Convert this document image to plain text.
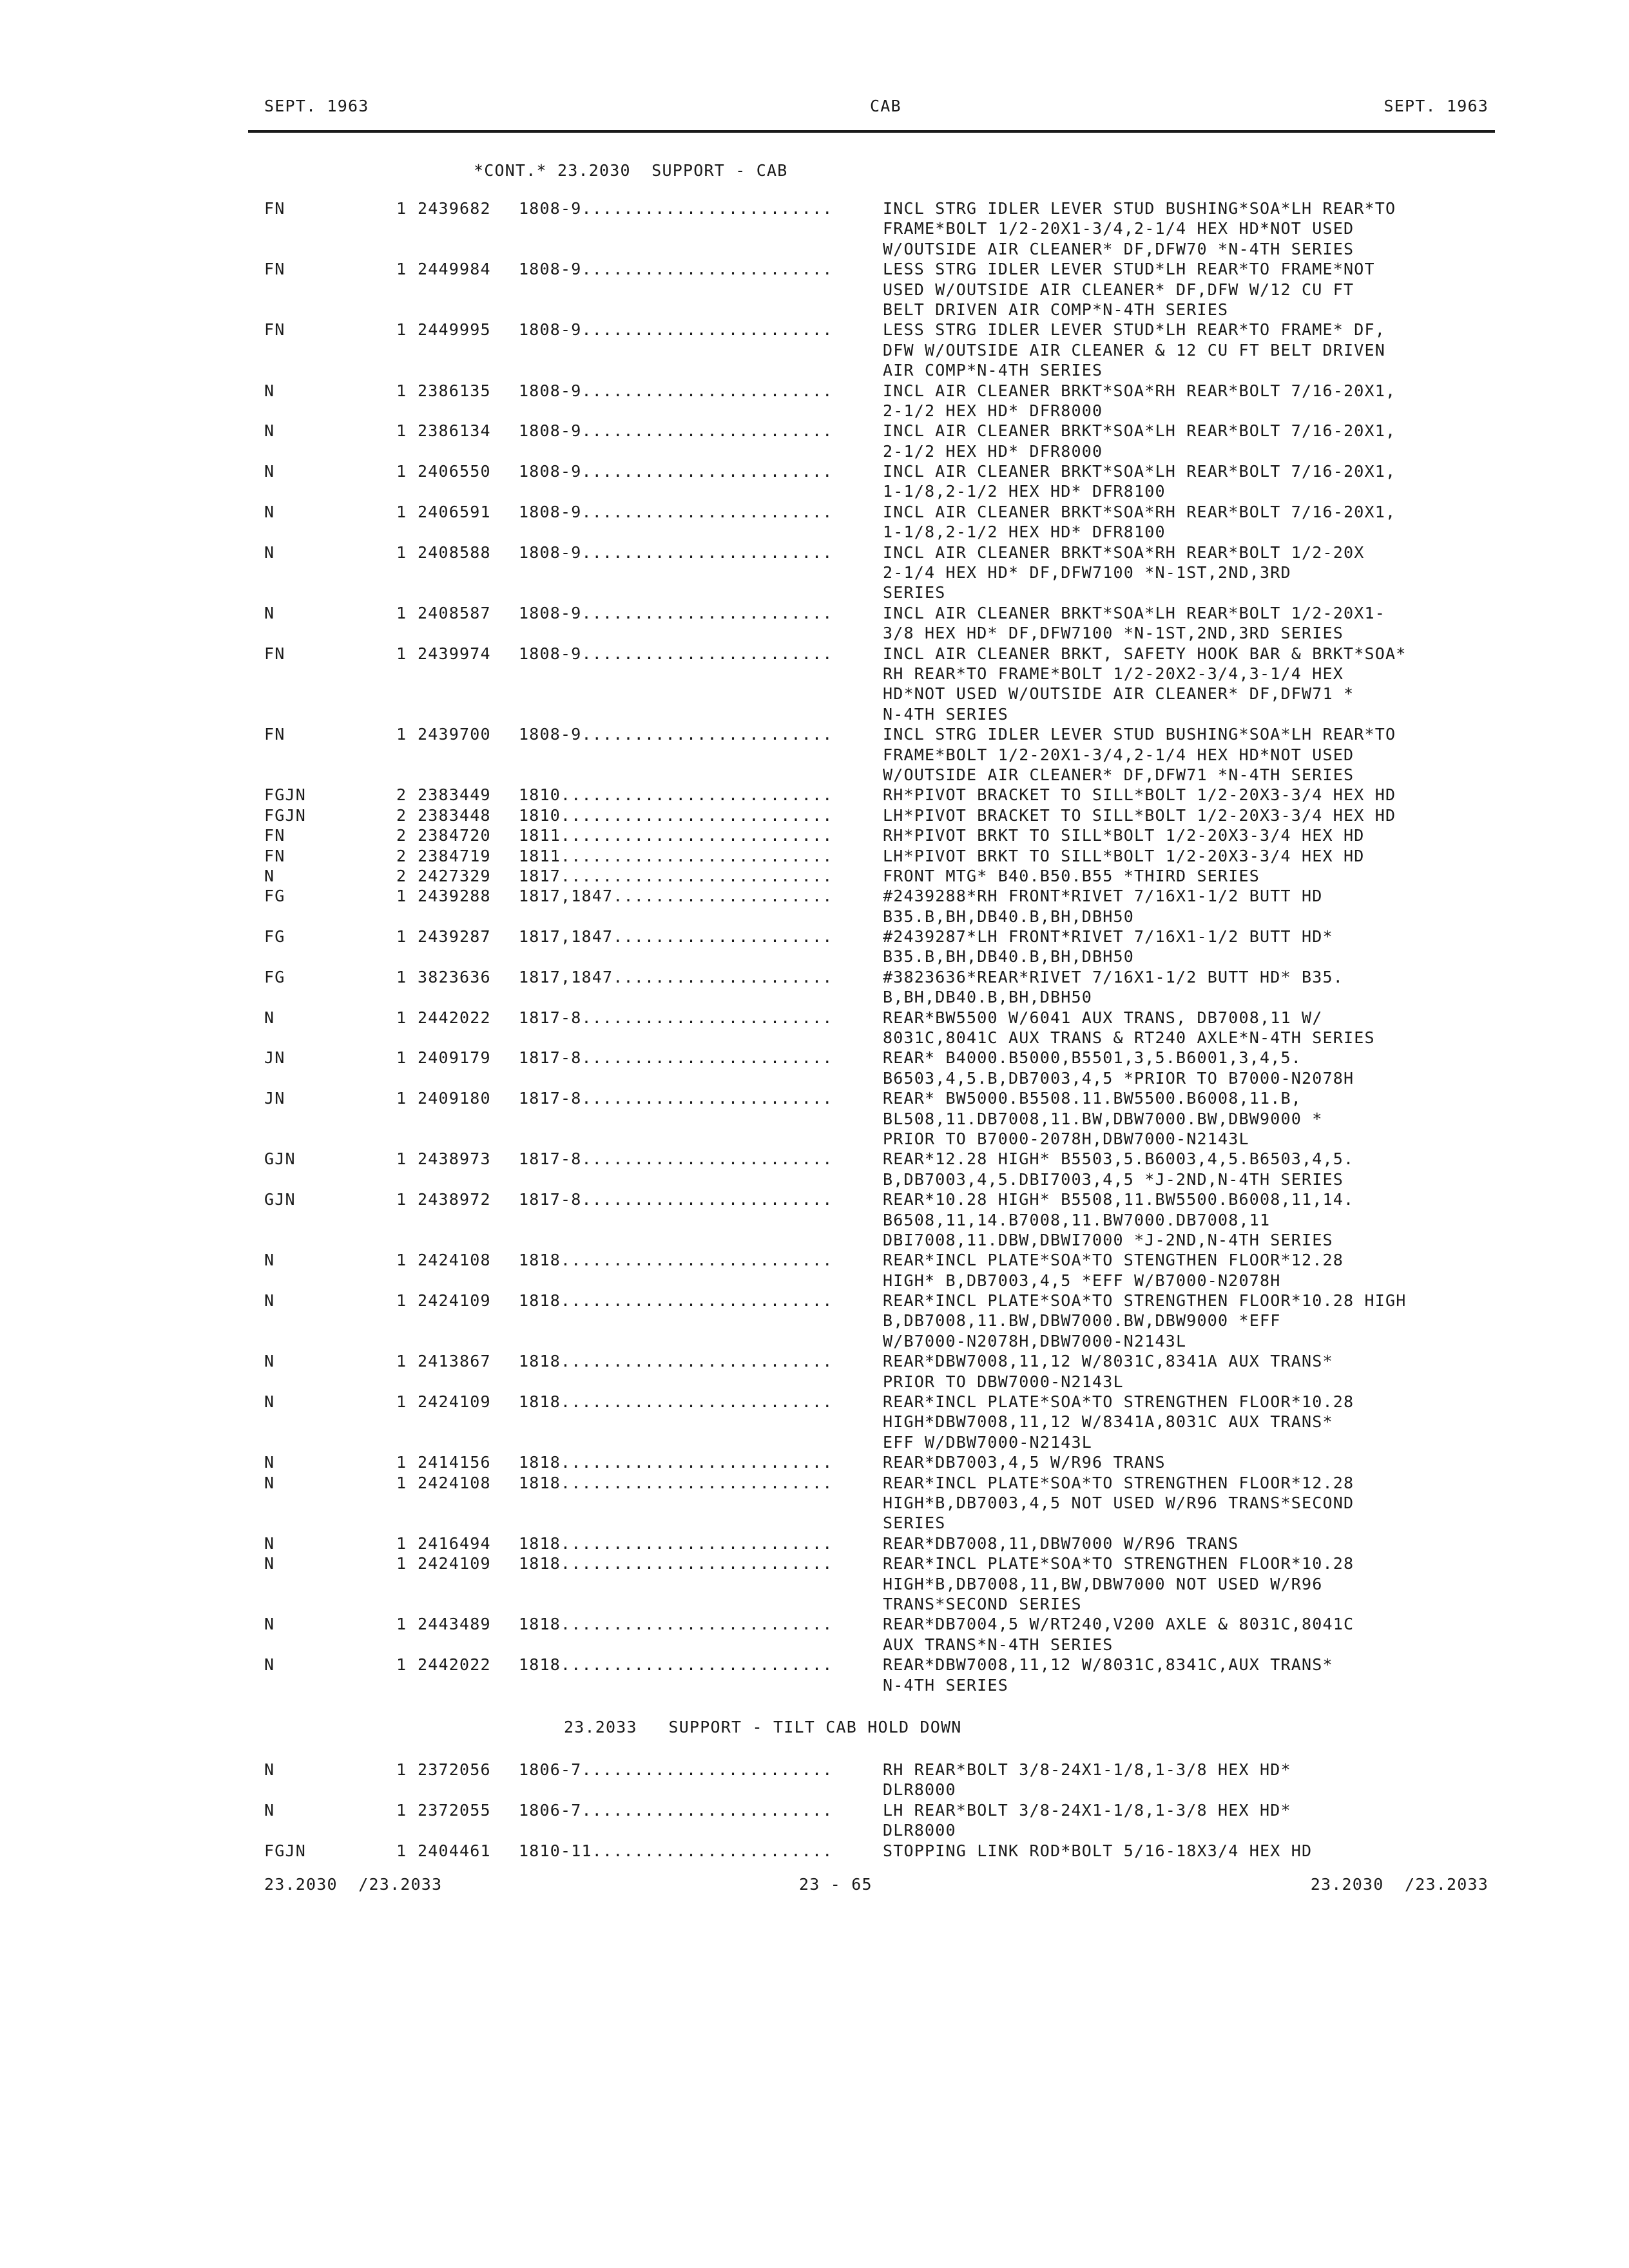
SEPT. 1963

	CAB

	SEPT. 1963

*CONT.* 23.2030  SUPPORT - CAB
FN	1 2439682 1808-9........................	INCL STRG IDLER LEVER STUD BUSHING*SOA*LH REAR*TO
FRAME*BOLT 1/2-20X1-3/4,2-1/4 HEX HD*NOT USED
W/OUTSIDE AIR CLEANER* DF,DFW70 *N-4TH SERIES
FN	1 2449984 1808-9........................	LESS STRG IDLER LEVER STUD*LH REAR*TO FRAME*NOT
USED W/OUTSIDE AIR CLEANER* DF,DFW W/12 CU FT
BELT DRIVEN AIR COMP*N-4TH SERIES
FN	1 2449995 1808-9........................	LESS STRG IDLER LEVER STUD*LH REAR*TO FRAME* DF,
DFW W/OUTSIDE AIR CLEANER & 12 CU FT BELT DRIVEN
AIR COMP*N-4TH SERIES
N	1 2386135 1808-9........................	INCL AIR CLEANER BRKT*SOA*RH REAR*BOLT 7/16-20X1,
2-1/2 HEX HD* DFR8000
N	1 2386134 1808-9........................	INCL AIR CLEANER BRKT*SOA*LH REAR*BOLT 7/16-20X1,
2-1/2 HEX HD* DFR8000
N	1 2406550 1808-9........................	INCL AIR CLEANER BRKT*SOA*LH REAR*BOLT 7/16-20X1,
1-1/8,2-1/2 HEX HD* DFR8100
N	1 2406591 1808-9........................	INCL AIR CLEANER BRKT*SOA*RH REAR*BOLT 7/16-20X1,
1-1/8,2-1/2 HEX HD* DFR8100
N	1 2408588 1808-9........................	INCL AIR CLEANER BRKT*SOA*RH REAR*BOLT 1/2-20X
2-1/4 HEX HD* DF,DFW7100 *N-1ST,2ND,3RD
SERIES
N	1 2408587 1808-9........................	INCL AIR CLEANER BRKT*SOA*LH REAR*BOLT 1/2-20X1-
3/8 HEX HD* DF,DFW7100 *N-1ST,2ND,3RD SERIES
FN	1 2439974 1808-9........................	INCL AIR CLEANER BRKT, SAFETY HOOK BAR & BRKT*SOA*
RH REAR*TO FRAME*BOLT 1/2-20X2-3/4,3-1/4 HEX
HD*NOT USED W/OUTSIDE AIR CLEANER* DF,DFW71 *
N-4TH SERIES
FN	1 2439700 1808-9........................	INCL STRG IDLER LEVER STUD BUSHING*SOA*LH REAR*TO
FRAME*BOLT 1/2-20X1-3/4,2-1/4 HEX HD*NOT USED
W/OUTSIDE AIR CLEANER* DF,DFW71 *N-4TH SERIES
FGJN	2 2383449 1810..........................	RH*PIVOT BRACKET TO SILL*BOLT 1/2-20X3-3/4 HEX HD
FGJN	2 2383448 1810..........................	LH*PIVOT BRACKET TO SILL*BOLT 1/2-20X3-3/4 HEX HD
FN	2 2384720 1811..........................	RH*PIVOT BRKT TO SILL*BOLT 1/2-20X3-3/4 HEX HD
FN	2 2384719 1811..........................	LH*PIVOT BRKT TO SILL*BOLT 1/2-20X3-3/4 HEX HD
N	2 2427329 1817..........................	FRONT MTG* B40.B50.B55 *THIRD SERIES
FG	1 2439288 1817,1847.....................	#2439288*RH FRONT*RIVET 7/16X1-1/2 BUTT HD
B35.B,BH,DB40.B,BH,DBH50
FG	1 2439287 1817,1847.....................	#2439287*LH FRONT*RIVET 7/16X1-1/2 BUTT HD*
B35.B,BH,DB40.B,BH,DBH50
FG	1 3823636 1817,1847.....................	#3823636*REAR*RIVET 7/16X1-1/2 BUTT HD* B35.
B,BH,DB40.B,BH,DBH50
N	1 2442022 1817-8........................	REAR*BW5500 W/6041 AUX TRANS, DB7008,11 W/
8031C,8041C AUX TRANS & RT240 AXLE*N-4TH SERIES
JN	1 2409179 1817-8........................	REAR* B4000.B5000,B5501,3,5.B6001,3,4,5.
B6503,4,5.B,DB7003,4,5 *PRIOR TO B7000-N2078H
JN	1 2409180 1817-8........................	REAR* BW5000.B5508.11.BW5500.B6008,11.B,
BL508,11.DB7008,11.BW,DBW7000.BW,DBW9000 *
PRIOR TO B7000-2078H,DBW7000-N2143L
GJN	1 2438973 1817-8........................	REAR*12.28 HIGH* B5503,5.B6003,4,5.B6503,4,5.
B,DB7003,4,5.DBI7003,4,5 *J-2ND,N-4TH SERIES
GJN	1 2438972 1817-8........................	REAR*10.28 HIGH* B5508,11.BW5500.B6008,11,14.
B6508,11,14.B7008,11.BW7000.DB7008,11
DBI7008,11.DBW,DBWI7000 *J-2ND,N-4TH SERIES
N	1 2424108 1818..........................	REAR*INCL PLATE*SOA*TO STENGTHEN FLOOR*12.28
HIGH* B,DB7003,4,5 *EFF W/B7000-N2078H
N	1 2424109 1818..........................	REAR*INCL PLATE*SOA*TO STRENGTHEN FLOOR*10.28 HIGH
B,DB7008,11.BW,DBW7000.BW,DBW9000 *EFF
W/B7000-N2078H,DBW7000-N2143L
N	1 2413867 1818..........................	REAR*DBW7008,11,12 W/8031C,8341A AUX TRANS*
PRIOR TO DBW7000-N2143L
N	1 2424109 1818..........................	REAR*INCL PLATE*SOA*TO STRENGTHEN FLOOR*10.28
HIGH*DBW7008,11,12 W/8341A,8031C AUX TRANS*
EFF W/DBW7000-N2143L
N	1 2414156 1818..........................	REAR*DB7003,4,5 W/R96 TRANS
N	1 2424108 1818..........................	REAR*INCL PLATE*SOA*TO STRENGTHEN FLOOR*12.28
HIGH*B,DB7003,4,5 NOT USED W/R96 TRANS*SECOND
SERIES
N	1 2416494 1818..........................	REAR*DB7008,11,DBW7000 W/R96 TRANS
N	1 2424109 1818..........................	REAR*INCL PLATE*SOA*TO STRENGTHEN FLOOR*10.28
HIGH*B,DB7008,11,BW,DBW7000 NOT USED W/R96
TRANS*SECOND SERIES
N	1 2443489 1818..........................	REAR*DB7004,5 W/RT240,V200 AXLE & 8031C,8041C
AUX TRANS*N-4TH SERIES
N	1 2442022 1818..........................	REAR*DBW7008,11,12 W/8031C,8341C,AUX TRANS*
N-4TH SERIES
23.2033   SUPPORT - TILT CAB HOLD DOWN
N	1 2372056 1806-7........................	RH REAR*BOLT 3/8-24X1-1/8,1-3/8 HEX HD*
DLR8000
N	1 2372055 1806-7........................	LH REAR*BOLT 3/8-24X1-1/8,1-3/8 HEX HD*
DLR8000
FGJN	1 2404461 1810-11.......................	STOPPING LINK ROD*BOLT 5/16-18X3/4 HEX HD

23.2030  /23.2033

	23 - 65

	23.2030  /23.2033
